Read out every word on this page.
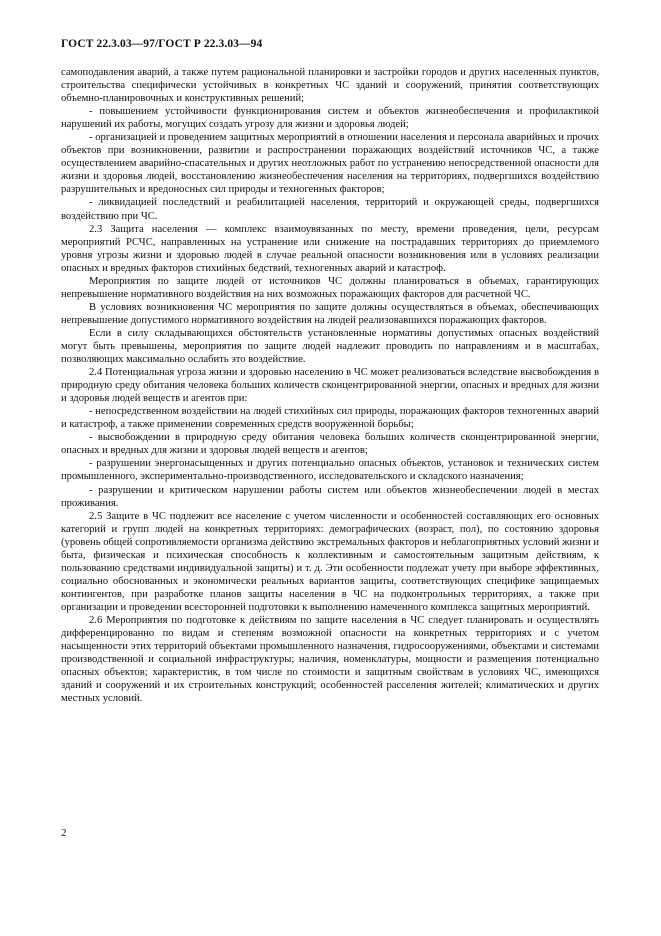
ГОСТ 22.3.03—97/ГОСТ Р 22.3.03—94

самоподавления аварий, а также путем рациональной планировки и застройки городов и других населенных пунктов, строительства специфически устойчивых в конкретных ЧС зданий и сооружений, принятия соответствующих объемно-планировочных и конструктивных решений;

- повышением устойчивости функционирования систем и объектов жизнеобеспечения и профилактикой нарушений их работы, могущих создать угрозу для жизни и здоровья людей;

- организацией и проведением защитных мероприятий в отношении населения и персонала аварийных и прочих объектов при возникновении, развитии и распространении поражающих воздействий источников ЧС, а также осуществлением аварийно-спасательных и других неотложных работ по устранению непосредственной опасности для жизни и здоровья людей, восстановлению жизнеобеспечения населения на территориях, подвергшихся воздействию разрушительных и вредоносных сил природы и техногенных факторов;

- ликвидацией последствий и реабилитацией населения, территорий и окружающей среды, подвергшихся воздействию при ЧС.

2.3 Защита населения — комплекс взаимоувязанных по месту, времени проведения, цели, ресурсам мероприятий РСЧС, направленных на устранение или снижение на пострадавших территориях до приемлемого уровня угрозы жизни и здоровью людей в случае реальной опасности возникновения или в условиях реализации опасных и вредных факторов стихийных бедствий, техногенных аварий и катастроф.

Мероприятия по защите людей от источников ЧС должны планироваться в объемах, гарантирующих непревышение нормативного воздействия на них возможных поражающих факторов для расчетной ЧС.

В условиях возникновения ЧС мероприятия по защите должны осуществляться в объемах, обеспечивающих непревышение допустимого нормативного воздействия на людей реализовавшихся поражающих факторов.

Если в силу складывающихся обстоятельств установленные нормативы допустимых опасных воздействий могут быть превышены, мероприятия по защите людей надлежит проводить по направлениям и в масштабах, позволяющих максимально ослабить это воздействие.

2.4 Потенциальная угроза жизни и здоровью населению в ЧС может реализоваться вследствие высвобождения в природную среду обитания человека больших количеств сконцентрированной энергии, опасных и вредных для жизни и здоровья людей веществ и агентов при:

- непосредственном воздействии на людей стихийных сил природы, поражающих факторов техногенных аварий и катастроф, а также применении современных средств вооруженной борьбы;

- высвобождении в природную среду обитания человека больших количеств сконцентрированной энергии, опасных и вредных для жизни и здоровья людей веществ и агентов;

- разрушении энергонасыщенных и других потенциально опасных объектов, установок и технических систем промышленного, экспериментально-производственного, исследовательского и складского назначения;

- разрушении и критическом нарушении работы систем или объектов жизнеобеспечении людей в местах проживания.

2.5 Защите в ЧС подлежит все население с учетом численности и особенностей составляющих его основных категорий и групп людей на конкретных территориях: демографических (возраст, пол), по состоянию здоровья (уровень общей сопротивляемости организма действию экстремальных факторов и неблагоприятных условий жизни и быта, физическая и психическая способность к коллективным и самостоятельным защитным действиям, к пользованию средствами индивидуальной защиты) и т. д. Эти особенности подлежат учету при выборе эффективных, социально обоснованных и экономически реальных вариантов защиты, соответствующих специфике защищаемых контингентов, при разработке планов защиты населения в ЧС на подконтрольных территориях, а также при организации и проведении всесторонней подготовки к выполнению намеченного комплекса защитных мероприятий.

2.6 Мероприятия по подготовке к действиям по защите населения в ЧС следует планировать и осуществлять дифференцированно по видам и степеням возможной опасности на конкретных территориях и с учетом насыщенности этих территорий объектами промышленного назначения, гидросооружениями, объектами и системами производственной и социальной инфраструктуры; наличия, номенклатуры, мощности и размещения потенциально опасных объектов; характеристик, в том числе по стоимости и защитным свойствам в условиях ЧС, имеющихся зданий и сооружений и их строительных конструкций; особенностей расселения жителей; климатических и других местных условий.

2
